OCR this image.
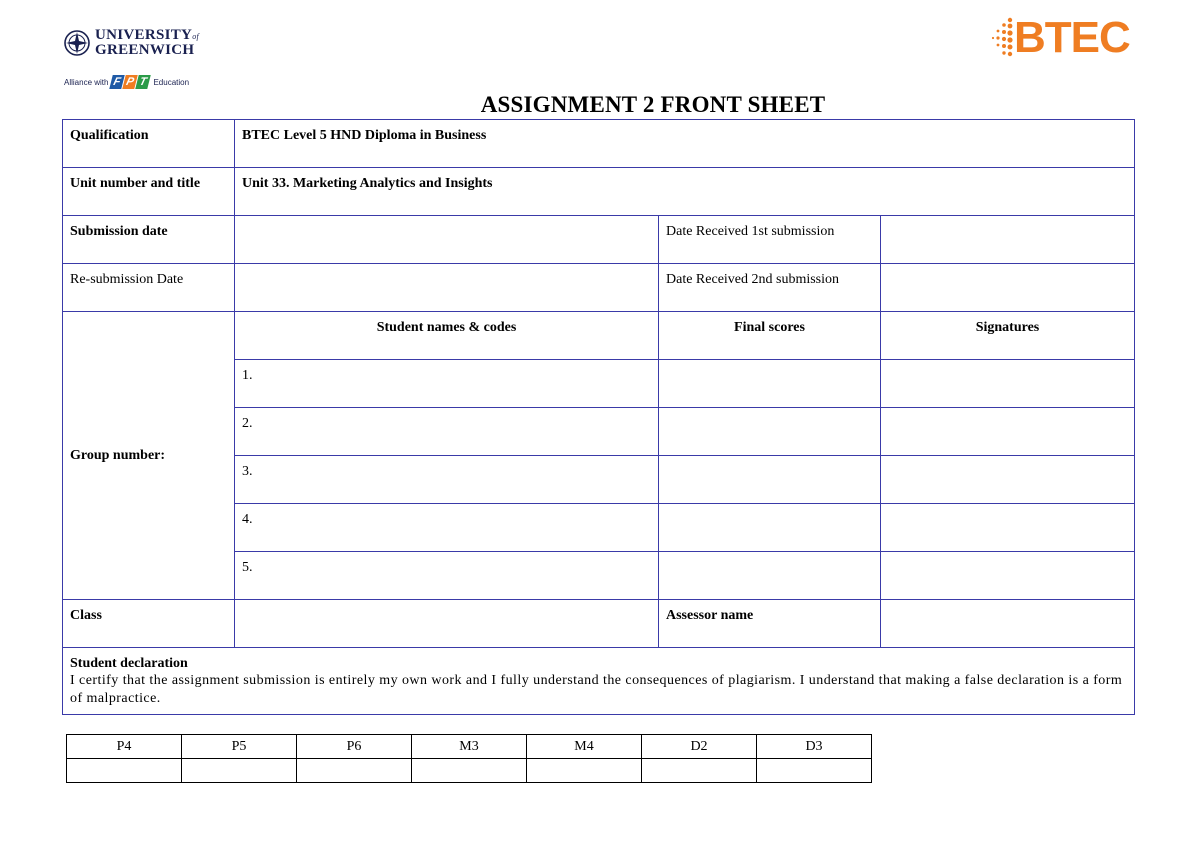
UNIVERSITYof
GREENWICH
Alliance with F P T Education
BTEC
ASSIGNMENT 2 FRONT SHEET
Qualification	BTEC Level 5 HND Diploma in Business		

Unit number and title	Unit 33. Marketing Analytics and Insights		

Submission date		Date Received 1st submission	

Re-submission Date		Date Received 2nd submission	

Group number:	Student names & codes	Final scores	Signatures

	1.		

	2.		

	3.		

	4.		

	5.		

Class		Assessor name	

Student declaration
I certify that the assignment submission is entirely my own work and I fully understand the consequences of plagiarism. I understand that making a false declaration is a form of malpractice.			
P4	P5	P6	M3	M4	D2	D3
